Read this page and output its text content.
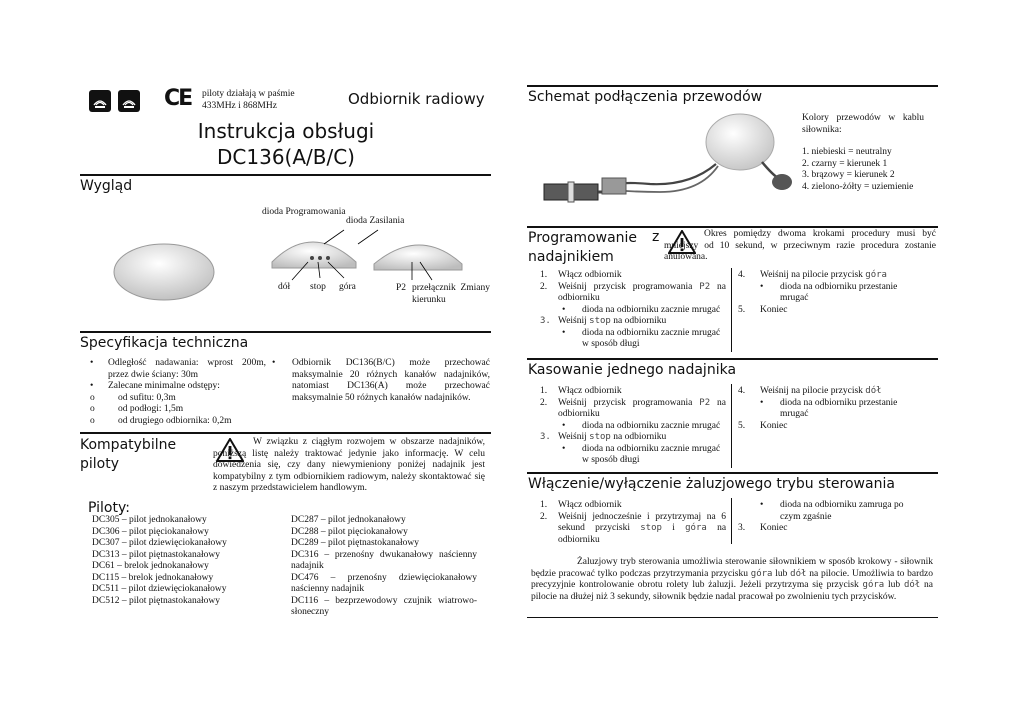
CE piloty działają w paśmie 433MHz i 868MHz	Odbiornik radiowy
Instrukcja obsługi
DC136(A/B/C)
Wygląd
dioda Programowania
dioda Zasilania
dół stop góra	P2 przełącznik Zmiany kierunku
Specyfikacja techniczna
• Odległość nadawania: wprost 200m, przez dwie ściany: 30m
• Zalecane minimalne odstępy:
o od sufitu: 0,3m
o od podłogi: 1,5m
o od drugiego odbiornika: 0,2m
• Odbiornik DC136(B/C) może przechować maksymalnie 20 różnych kanałów nadajników, natomiast DC136(A) może przechować maksymalnie 50 różnych kanałów nadajników.
Kompatybilne piloty
W związku z ciągłym rozwojem w obszarze nadajników, poniższą listę należy traktować jedynie jako informację. W celu dowiedzenia się, czy dany niewymieniony poniżej nadajnik jest kompatybilny z tym odbiornikiem radiowym, należy skontaktować się z naszym przedstawicielem handlowym.
Piloty:
DC305 – pilot jednokanałowy
DC306 – pilot pięciokanałowy
DC307 – pilot dziewięciokanałowy
DC313 – pilot piętnastokanałowy
DC61 – brelok jednokanałowy
DC115 – brelok jednokanałowy
DC511 – pilot dziewięciokanałowy
DC512 – pilot piętnastokanałowy
DC287 – pilot jednokanałowy
DC288 – pilot pięciokanałowy
DC289 – pilot piętnastokanałowy
DC316 – przenośny dwukanałowy naścienny nadajnik
DC476 – przenośny dziewięciokanałowy naścienny nadajnik
DC116 – bezprzewodowy czujnik wiatrowo-słoneczny
Schemat podłączenia przewodów
Kolory przewodów w kablu siłownika:
1. niebieski = neutralny
2. czarny = kierunek 1
3. brązowy = kierunek 2
4. zielono-żółty = uziemienie
Programowanie
nadajnikiem
z	Okres pomiędzy dwoma krokami procedury musi być mniejszy od 10 sekund, w przeciwnym razie procedura zostanie anulowana.
1. Włącz odbiornik
2. Weiśnij przycisk programowania P2 na odbiorniku
• dioda na odbiorniku zacznie mrugać
3. Weiśnij stop na odbiorniku
• dioda na odbiorniku zacznie mrugać w sposób długi
4. Weiśnij na pilocie przycisk góra
• dioda na odbiorniku przestanie mrugać
5. Koniec
Kasowanie jednego nadajnika
1. Włącz odbiornik
2. Weiśnij przycisk programowania P2 na odbiorniku
• dioda na odbiorniku zacznie mrugać
3. Weiśnij stop na odbiorniku
• dioda na odbiorniku zacznie mrugać w sposób długi
4. Weiśnij na pilocie przycisk dół
• dioda na odbiorniku przestanie mrugać
5. Koniec
Włączenie/wyłączenie żaluzjowego trybu sterowania
1. Włącz odbiornik
2. Weiśnij jednocześnie i przytrzymaj na 6 sekund przyciski stop i góra na odbiorniku
• dioda na odbiorniku zamruga po czym zgaśnie
3. Koniec
Żaluzjowy tryb sterowania umożliwia sterowanie siłownikiem w sposób krokowy - siłownik będzie pracować tylko podczas przytrzymania przycisku góra lub dół na pilocie. Umożliwia to bardzo precyzyjnie kontrolowanie obrotu rolety lub żaluzji. Jeżeli przytrzyma się przycisk góra lub dół na pilocie na dłużej niż 3 sekundy, siłownik będzie nadal pracował po zwolnieniu tych przycisków.
